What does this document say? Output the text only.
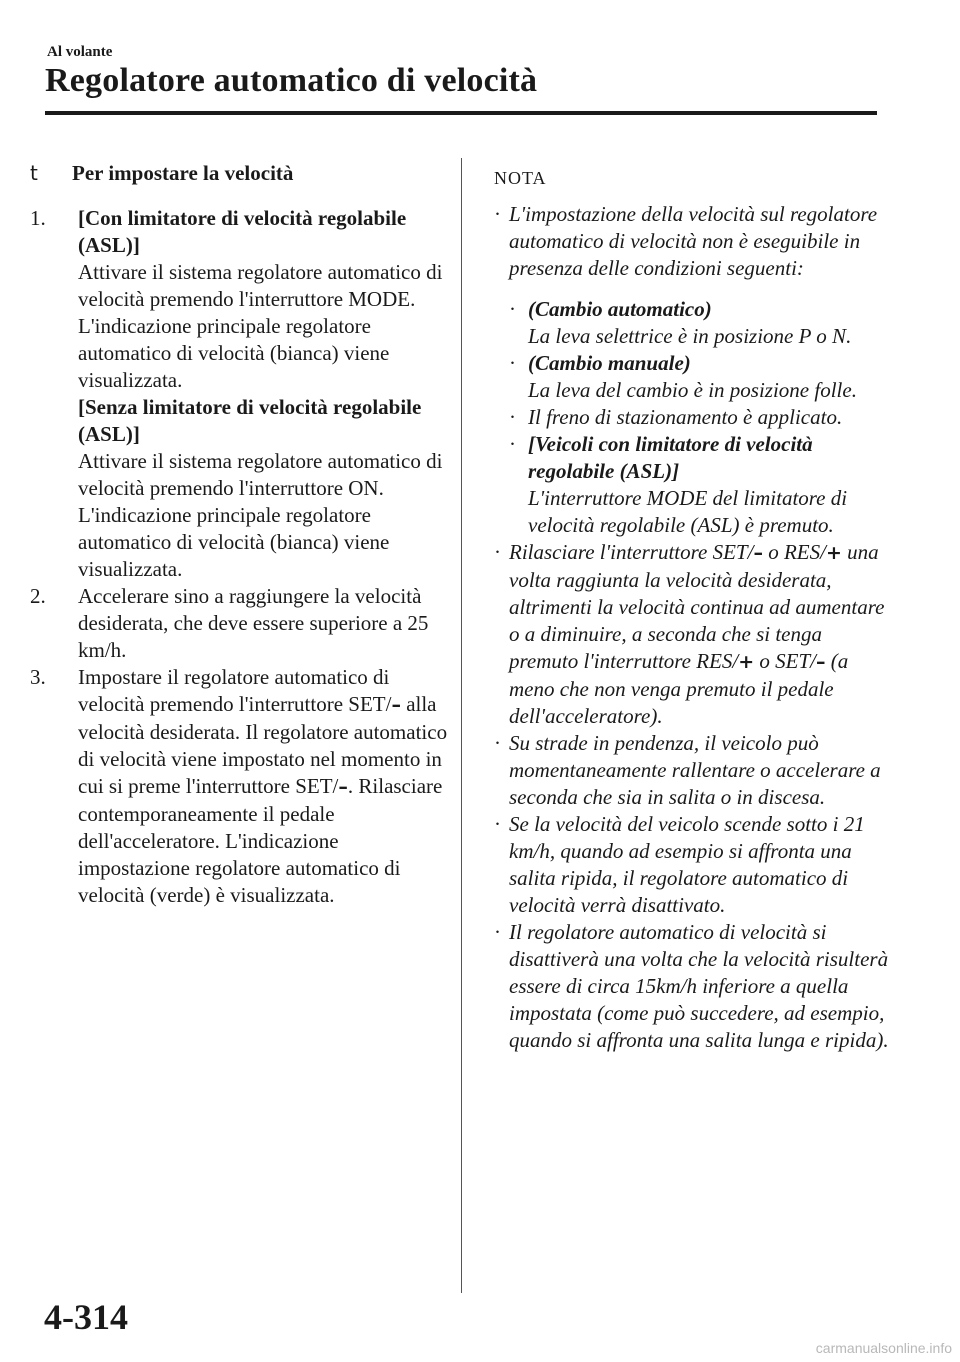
Al volante
Regolatore automatico di velocità
t Per impostare la velocità
1. [Con limitatore di velocità regolabile (ASL)]
Attivare il sistema regolatore automatico di velocità premendo l'interruttore MODE. L'indicazione principale regolatore automatico di velocità (bianca) viene visualizzata.
[Senza limitatore di velocità regolabile (ASL)]
Attivare il sistema regolatore automatico di velocità premendo l'interruttore ON. L'indicazione principale regolatore automatico di velocità (bianca) viene visualizzata.
2. Accelerare sino a raggiungere la velocità desiderata, che deve essere superiore a 25 km/h.
3. Impostare il regolatore automatico di velocità premendo l'interruttore SET/– alla velocità desiderata. Il regolatore automatico di velocità viene impostato nel momento in cui si preme l'interruttore SET/–. Rilasciare contemporaneamente il pedale dell'acceleratore. L'indicazione impostazione regolatore automatico di velocità (verde) è visualizzata.
NOTA
· L'impostazione della velocità sul regolatore automatico di velocità non è eseguibile in presenza delle condizioni seguenti:
· (Cambio automatico)
La leva selettrice è in posizione P o N.
· (Cambio manuale)
La leva del cambio è in posizione folle.
· Il freno di stazionamento è applicato.
· [Veicoli con limitatore di velocità regolabile (ASL)]
L'interruttore MODE del limitatore di velocità regolabile (ASL) è premuto.
· Rilasciare l'interruttore SET/– o RES/+ una volta raggiunta la velocità desiderata, altrimenti la velocità continua ad aumentare o a diminuire, a seconda che si tenga premuto l'interruttore RES/+ o SET/– (a meno che non venga premuto il pedale dell'acceleratore).
· Su strade in pendenza, il veicolo può momentaneamente rallentare o accelerare a seconda che sia in salita o in discesa.
· Se la velocità del veicolo scende sotto i 21 km/h, quando ad esempio si affronta una salita ripida, il regolatore automatico di velocità verrà disattivato.
· Il regolatore automatico di velocità si disattiverà una volta che la velocità risulterà essere di circa 15km/h inferiore a quella impostata (come può succedere, ad esempio, quando si affronta una salita lunga e ripida).
4-314
carmanualsonline.info
